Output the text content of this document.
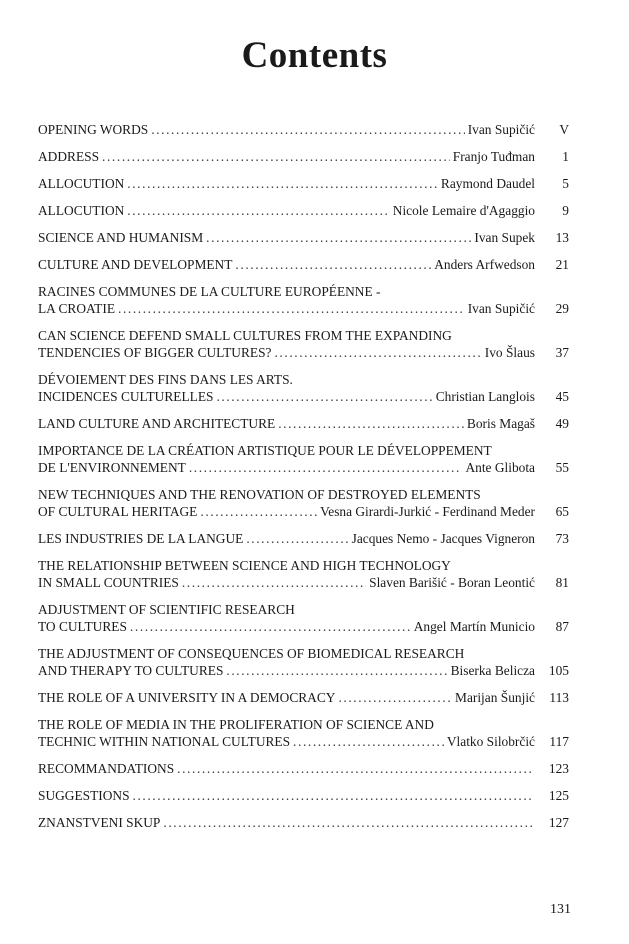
Contents
OPENING WORDS .....	Ivan Supičić	V
ADDRESS .....	Franjo Tuđman	1
ALLOCUTION .....	Raymond Daudel	5
ALLOCUTION .....	Nicole Lemaire d'Agaggio	9
SCIENCE AND HUMANISM .....	Ivan Supek	13
CULTURE AND DEVELOPMENT .....	Anders Arfwedson	21
RACINES COMMUNES DE LA CULTURE EUROPÉENNE -
LA CROATIE .....	Ivan Supičić	29
CAN SCIENCE DEFEND SMALL CULTURES FROM THE EXPANDING
TENDENCIES OF BIGGER CULTURES? .....	Ivo Šlaus	37
DÉVOIEMENT DES FINS DANS LES ARTS.
INCIDENCES CULTURELLES .....	Christian Langlois	45
LAND CULTURE AND ARCHITECTURE .....	Boris Magaš	49
IMPORTANCE DE LA CRÉATION ARTISTIQUE POUR LE DÉVELOPPEMENT
DE L'ENVIRONNEMENT .....	Ante Glibota	55
NEW TECHNIQUES AND THE RENOVATION OF DESTROYED ELEMENTS
OF CULTURAL HERITAGE .....	Vesna Girardi-Jurkić - Ferdinand Meder	65
LES INDUSTRIES DE LA LANGUE .....	Jacques Nemo - Jacques Vigneron	73
THE RELATIONSHIP BETWEEN SCIENCE AND HIGH TECHNOLOGY
IN SMALL COUNTRIES .....	Slaven Barišić - Boran Leontić	81
ADJUSTMENT OF SCIENTIFIC RESEARCH
TO CULTURES .....	Angel Martín Municio	87
THE ADJUSTMENT OF CONSEQUENCES OF BIOMEDICAL RESEARCH
AND THERAPY TO CULTURES .....	Biserka Belicza	105
THE ROLE OF A UNIVERSITY IN A DEMOCRACY .....	Marijan Šunjić	113
THE ROLE OF MEDIA IN THE PROLIFERATION OF SCIENCE AND
TECHNIC WITHIN NATIONAL CULTURES .....	Vlatko Silobrčić	117
RECOMMANDATIONS .....	123
SUGGESTIONS .....	125
ZNANSTVENI SKUP .....	127
131
